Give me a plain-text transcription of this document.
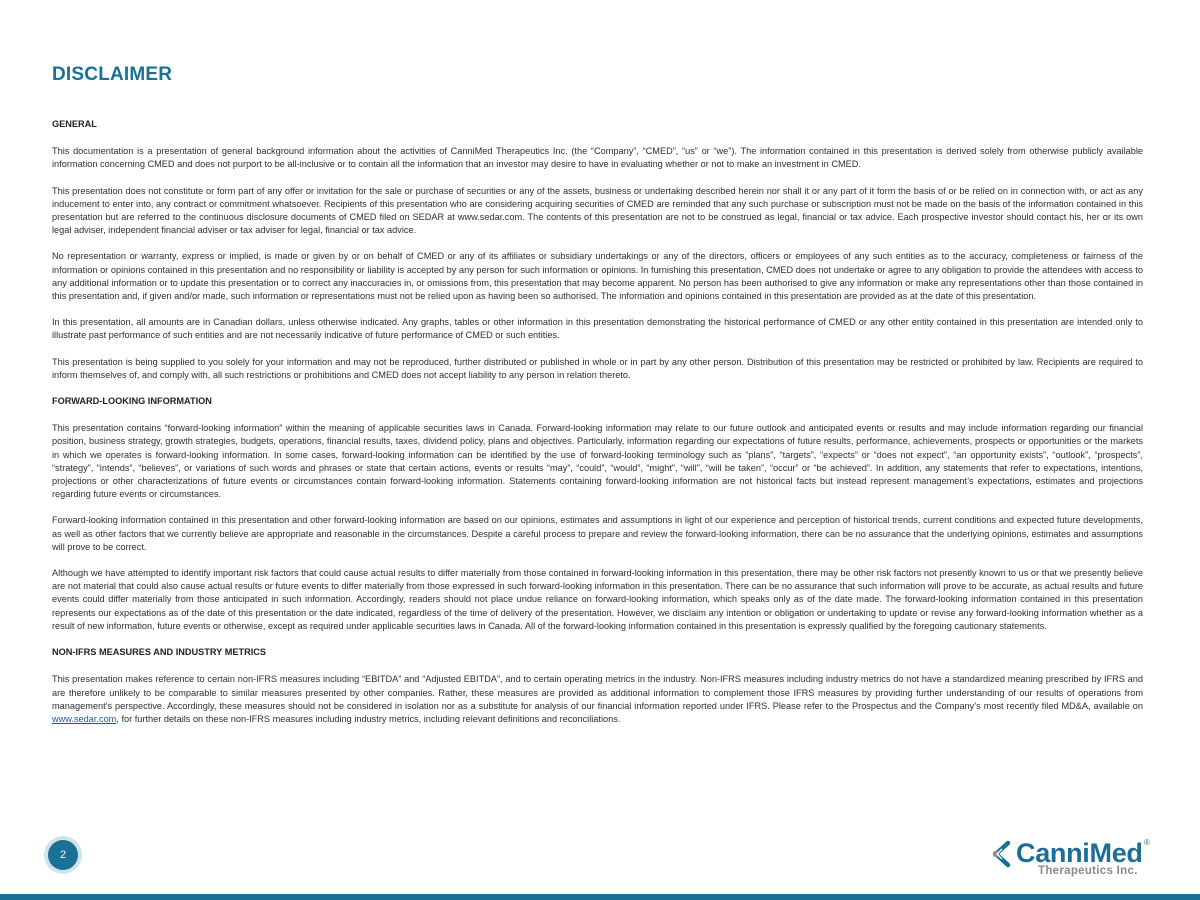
DISCLAIMER
GENERAL

This documentation is a presentation of general background information about the activities of CanniMed Therapeutics Inc. (the “Company”, “CMED”, “us” or “we”). The information contained in this presentation is derived solely from otherwise publicly available information concerning CMED and does not purport to be all-inclusive or to contain all the information that an investor may desire to have in evaluating whether or not to make an investment in CMED.

This presentation does not constitute or form part of any offer or invitation for the sale or purchase of securities or any of the assets, business or undertaking described herein nor shall it or any part of it form the basis of or be relied on in connection with, or act as any inducement to enter into, any contract or commitment whatsoever. Recipients of this presentation who are considering acquiring securities of CMED are reminded that any such purchase or subscription must not be made on the basis of the information contained in this presentation but are referred to the continuous disclosure documents of CMED filed on SEDAR at www.sedar.com. The contents of this presentation are not to be construed as legal, financial or tax advice. Each prospective investor should contact his, her or its own legal adviser, independent financial adviser or tax adviser for legal, financial or tax advice.

No representation or warranty, express or implied, is made or given by or on behalf of CMED or any of its affiliates or subsidiary undertakings or any of the directors, officers or employees of any such entities as to the accuracy, completeness or fairness of the information or opinions contained in this presentation and no responsibility or liability is accepted by any person for such information or opinions. In furnishing this presentation, CMED does not undertake or agree to any obligation to provide the attendees with access to any additional information or to update this presentation or to correct any inaccuracies in, or omissions from, this presentation that may become apparent. No person has been authorised to give any information or make any representations other than those contained in this presentation and, if given and/or made, such information or representations must not be relied upon as having been so authorised. The information and opinions contained in this presentation are provided as at the date of this presentation.

In this presentation, all amounts are in Canadian dollars, unless otherwise indicated. Any graphs, tables or other information in this presentation demonstrating the historical performance of CMED or any other entity contained in this presentation are intended only to illustrate past performance of such entities and are not necessarily indicative of future performance of CMED or such entities.

This presentation is being supplied to you solely for your information and may not be reproduced, further distributed or published in whole or in part by any other person. Distribution of this presentation may be restricted or prohibited by law. Recipients are required to inform themselves of, and comply with, all such restrictions or prohibitions and CMED does not accept liability to any person in relation thereto.

FORWARD-LOOKING INFORMATION

This presentation contains “forward-looking information” within the meaning of applicable securities laws in Canada. Forward-looking information may relate to our future outlook and anticipated events or results and may include information regarding our financial position, business strategy, growth strategies, budgets, operations, financial results, taxes, dividend policy, plans and objectives. Particularly, information regarding our expectations of future results, performance, achievements, prospects or opportunities or the markets in which we operates is forward-looking information. In some cases, forward-looking information can be identified by the use of forward-looking terminology such as “plans”, “targets”, “expects” or “does not expect”, “an opportunity exists”, “outlook”, “prospects”, “strategy”, “intends”, “believes”, or variations of such words and phrases or state that certain actions, events or results “may”, “could”, “would”, “might”, “will”, “will be taken”, “occur” or “be achieved”. In addition, any statements that refer to expectations, intentions, projections or other characterizations of future events or circumstances contain forward-looking information. Statements containing forward-looking information are not historical facts but instead represent management’s expectations, estimates and projections regarding future events or circumstances.

Forward-looking information contained in this presentation and other forward-looking information are based on our opinions, estimates and assumptions in light of our experience and perception of historical trends, current conditions and expected future developments, as well as other factors that we currently believe are appropriate and reasonable in the circumstances. Despite a careful process to prepare and review the forward-looking information, there can be no assurance that the underlying opinions, estimates and assumptions will prove to be correct.

Although we have attempted to identify important risk factors that could cause actual results to differ materially from those contained in forward-looking information in this presentation, there may be other risk factors not presently known to us or that we presently believe are not material that could also cause actual results or future events to differ materially from those expressed in such forward-looking information in this presentation. There can be no assurance that such information will prove to be accurate, as actual results and future events could differ materially from those anticipated in such information. Accordingly, readers should not place undue reliance on forward-looking information, which speaks only as of the date made. The forward-looking information contained in this presentation represents our expectations as of the date of this presentation or the date indicated, regardless of the time of delivery of the presentation. However, we disclaim any intention or obligation or undertaking to update or revise any forward-looking information whether as a result of new information, future events or otherwise, except as required under applicable securities laws in Canada. All of the forward-looking information contained in this presentation is expressly qualified by the foregoing cautionary statements.

NON-IFRS MEASURES AND INDUSTRY METRICS

This presentation makes reference to certain non-IFRS measures including “EBITDA” and “Adjusted EBITDA”, and to certain operating metrics in the industry. Non-IFRS measures including industry metrics do not have a standardized meaning prescribed by IFRS and are therefore unlikely to be comparable to similar measures presented by other companies. Rather, these measures are provided as additional information to complement those IFRS measures by providing further understanding of our results of operations from management’s perspective. Accordingly, these measures should not be considered in isolation nor as a substitute for analysis of our financial information reported under IFRS. Please refer to the Prospectus and the Company’s most recently filed MD&A, available on www.sedar.com, for further details on these non-IFRS measures including industry metrics, including relevant definitions and reconciliations.

2	CanniMed ®
Therapeutics Inc.
